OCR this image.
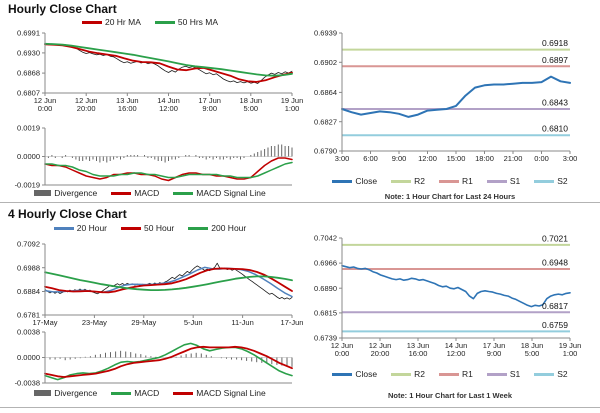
Hourly Close Chart
20 Hr MA	50 Hrs MA
0.6991
0.6930
0.6868
0.6807
12 Jun
0:00
12 Jun
20:00
13 Jun
16:00
14 Jun
12:00
17 Jun
9:00
18 Jun
5:00
19 Jun
1:00
0.0019
0.0000
-0.0019
Divergence	MACD	MACD Signal Line
0.6939
0.6902
0.6864
0.6827
0.6790
3:00 6:00 9:00 12:00 15:00 18:00 21:00 0:00 3:00
0.6918
0.6897
0.6843
0.6810
Close	R2	R1	S1	S2
Note: 1 Hour Chart for Last 24 Hours
4 Hourly Close Chart
20 Hour	50 Hour	200 Hour
0.7092
0.6988
0.6884
0.6781
17-May	23-May	29-May	5-Jun	11-Jun	17-Jun
0.0038
0.0000
-0.0038
Divergence	MACD	MACD Signal Line
0.7042
0.6966
0.6890
0.6815
0.6739
12 Jun
0:00
12 Jun
20:00
13 Jun
16:00
14 Jun
12:00
17 Jun
9:00
18 Jun
5:00
19 Jun
1:00
0.7021
0.6948
0.6817
0.6759
Close	R2	R1	S1	S2
Note: 1 Hour Chart for Last 1 Week
